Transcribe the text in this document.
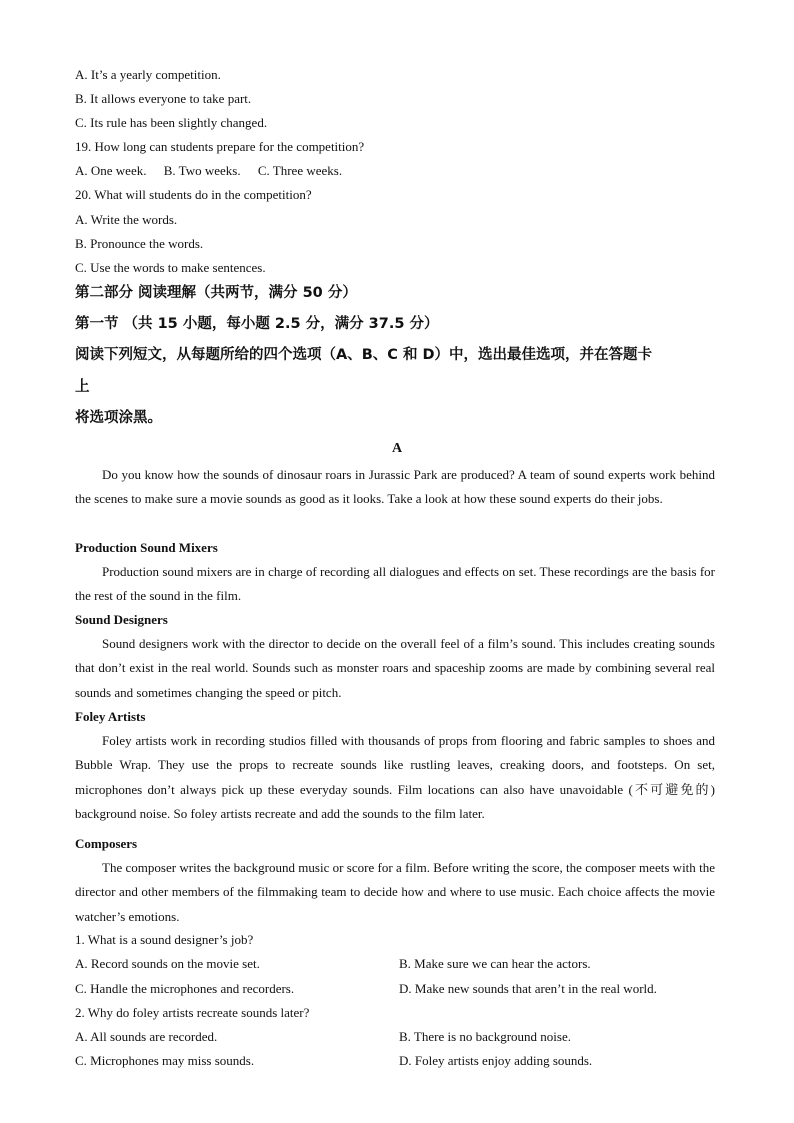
A. It’s a yearly competition.
B. It allows everyone to take part.
C. Its rule has been slightly changed.
19. How long can students prepare for the competition?
A. One week. B. Two weeks. C. Three weeks.
20. What will students do in the competition?
A. Write the words.
B. Pronounce the words.
C. Use the words to make sentences.
第二部分 阅读理解（共两节，满分 50 分）
第一节 （共 15 小题，每小题 2.5 分，满分 37.5 分）
阅读下列短文，从每题所给的四个选项（A、B、C 和 D）中，选出最佳选项，并在答题卡
上
将选项涂黑。
A
Do you know how the sounds of dinosaur roars in Jurassic Park are produced? A team of sound experts work behind the scenes to make sure a movie sounds as good as it looks. Take a look at how these sound experts do their jobs.
Production Sound Mixers
Production sound mixers are in charge of recording all dialogues and effects on set. These recordings are the basis for the rest of the sound in the film.
Sound Designers
Sound designers work with the director to decide on the overall feel of a film’s sound. This includes creating sounds that don’t exist in the real world. Sounds such as monster roars and spaceship zooms are made by combining several real sounds and sometimes changing the speed or pitch.
Foley Artists
Foley artists work in recording studios filled with thousands of props from flooring and fabric samples to shoes and Bubble Wrap. They use the props to recreate sounds like rustling leaves, creaking doors, and footsteps. On set, microphones don’t always pick up these everyday sounds. Film locations can also have unavoidable (不可避免的) background noise. So foley artists recreate and add the sounds to the film later.
Composers
The composer writes the background music or score for a film. Before writing the score, the composer meets with the director and other members of the filmmaking team to decide how and where to use music. Each choice affects the movie watcher’s emotions.
1. What is a sound designer’s job?
A. Record sounds on the movie set.	B. Make sure we can hear the actors.
C. Handle the microphones and recorders.	D. Make new sounds that aren’t in the real world.
2. Why do foley artists recreate sounds later?
A. All sounds are recorded.	B. There is no background noise.
C. Microphones may miss sounds.	D. Foley artists enjoy adding sounds.
